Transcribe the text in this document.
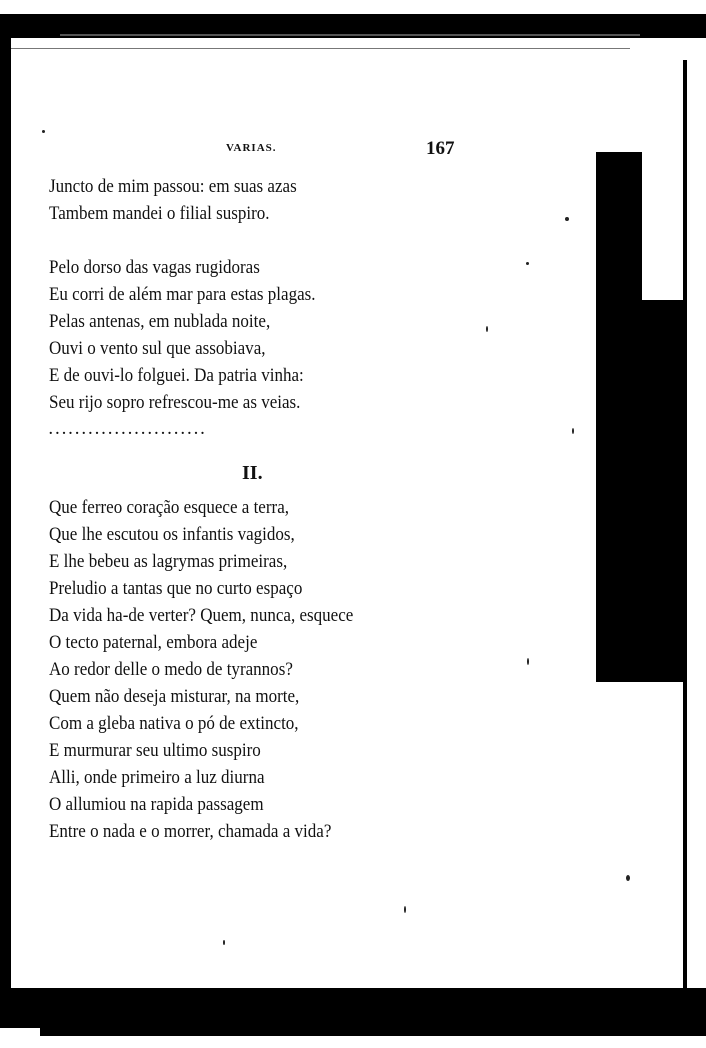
VARIAS.	167
Juncto de mim passou: em suas azas
Tambem mandei o filial suspiro.
Pelo dorso das vagas rugidoras
Eu corri de além mar para estas plagas.
Pelas antenas, em nublada noite,
Ouvi o vento sul que assobiava,
E de ouvi-lo folguei. Da patria vinha:
Seu rijo sopro refrescou-me as veias.
........................
II.
Que ferreo coração esquece a terra,
Que lhe escutou os infantis vagidos,
E lhe bebeu as lagrymas primeiras,
Preludio a tantas que no curto espaço
Da vida ha-de verter? Quem, nunca, esquece
O tecto paternal, embora adeje
Ao redor delle o medo de tyrannos?
Quem não deseja misturar, na morte,
Com a gleba nativa o pó de extincto,
E murmurar seu ultimo suspiro
Alli, onde primeiro a luz diurna
O allumiou na rapida passagem
Entre o nada e o morrer, chamada a vida?
